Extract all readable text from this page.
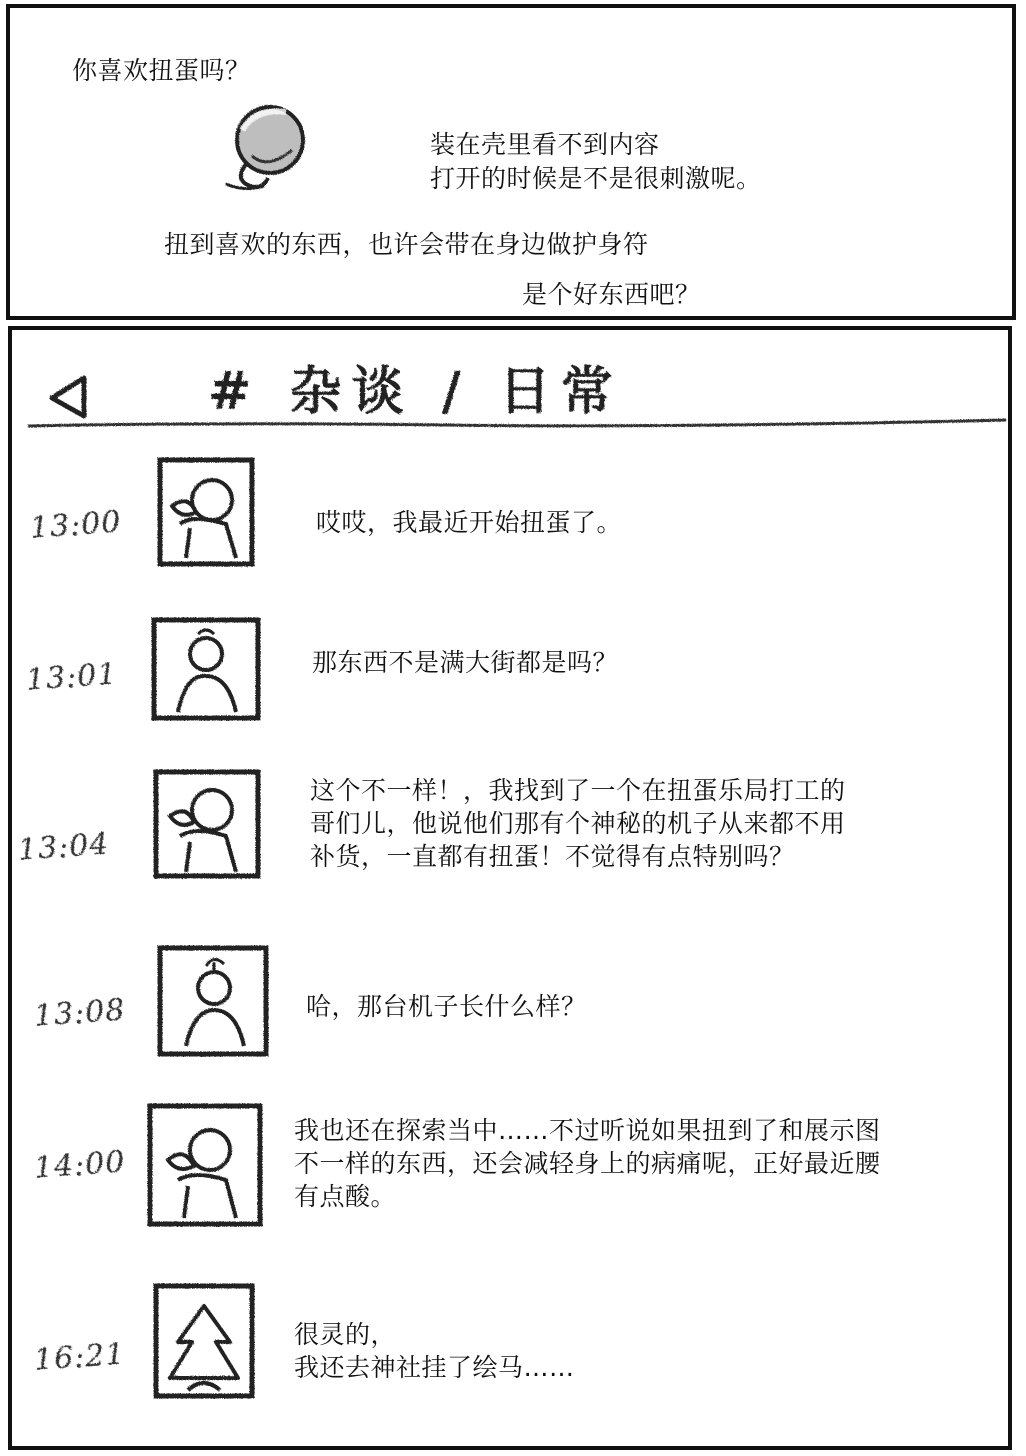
你喜欢扭蛋吗？
装在壳里看不到内容
打开的时候是不是很刺激呢。
扭到喜欢的东西，也许会带在身边做护身符
是个好东西吧？
# 杂谈 / 日常
13:00	哎哎，我最近开始扭蛋了。
13:01	那东西不是满大街都是吗？
13:04
这个不一样！，我找到了一个在扭蛋乐局打工的
哥们儿，他说他们那有个神秘的机子从来都不用
补货，一直都有扭蛋！不觉得有点特别吗？
13:08	哈，那台机子长什么样？
14:00
我也还在探索当中……不过听说如果扭到了和展示图
不一样的东西，还会减轻身上的病痛呢，正好最近腰
有点酸。
16:21
很灵的，
我还去神社挂了绘马……
